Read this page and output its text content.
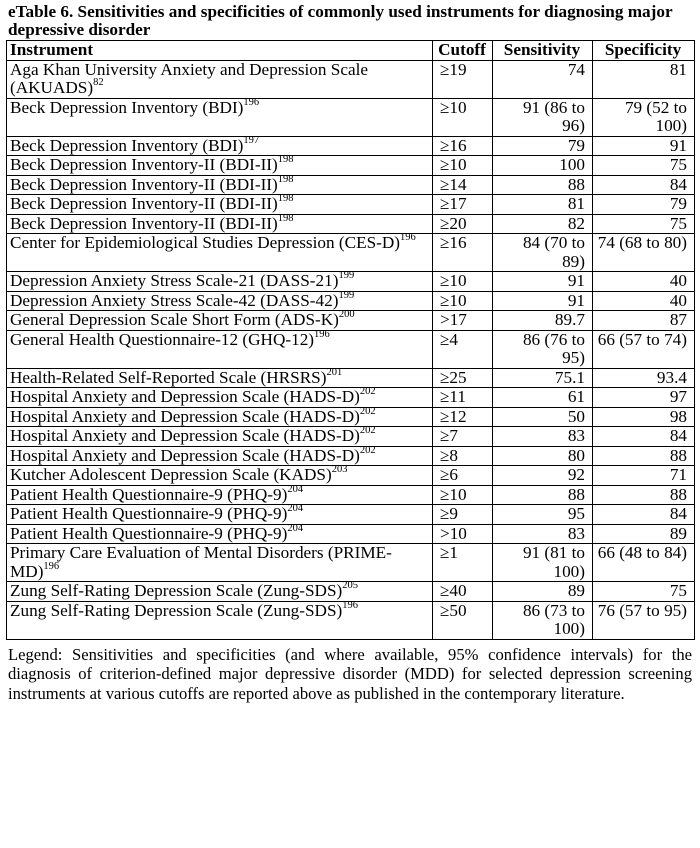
eTable 6. Sensitivities and specificities of commonly used instruments for diagnosing major depressive disorder
Instrument	Cutoff	Sensitivity	Specificity
Aga Khan University Anxiety and Depression Scale (AKUADS)$^{82}$	≥19	74	81
Beck Depression Inventory (BDI)$^{196}$	≥10	91 (86 to 96)	79 (52 to 100)
Beck Depression Inventory (BDI)$^{197}$	≥16	79	91
Beck Depression Inventory-II $(BDI-II)^{198}$	≥10	100	75
Beck Depression Inventory-II $(BDI-II)^{198}$	≥14	88	84
Beck Depression Inventory-II $(BDI-II)^{198}$	≥17	81	79
Beck Depression Inventory-II $(BDI-II)^{198}$	≥20	82	75
Center for Epidemiological Studies Depression $(CES-D)^{196}$	≥16	84 (70 to 89)	74 (68 to 80)
Depression Anxiety Stress Scale-21 (DASS-21)$^{199}$	≥10	91	40
Depression Anxiety Stress Scale-42 (DASS-42)$^{199}$	≥10	91	40
General Depression Scale Short Form $(ADS-K)^{200}$	>17	89.7	87
General Health Questionnaire-12 $(GHQ-12)^{196}$	≥4	86 (76 to 95)	66 (57 to 74)
Health-Related Self-Reported Scale (HRSRS)$^{201}$	≥25	75.1	93.4
Hospital Anxiety and Depression Scale (HADS-D)$^{202}$	≥11	61	97
Hospital Anxiety and Depression Scale (HADS-D)$^{202}$	≥12	50	98
Hospital Anxiety and Depression Scale (HADS-D)$^{202}$	≥7	83	84
Hospital Anxiety and Depression Scale (HADS-D)$^{202}$	≥8	80	88
Kutcher Adolescent Depression Scale (KADS)$^{203}$	≥6	92	71
Patient Health Questionnaire-9 $(PHQ-9)^{204}$	≥10	88	88
Patient Health Questionnaire-9 $(PHQ-9)^{204}$	≥9	95	84
Patient Health Questionnaire-9 $(PHQ-9)^{204}$	>10	83	89
Primary Care Evaluation of Mental Disorders (PRIME-MD)$^{196}$	≥1	91 (81 to 100)	66 (48 to 84)
Zung Self-Rating Depression Scale (Zung-SDS)$^{205}$	≥40	89	75
Zung Self-Rating Depression Scale (Zung-SDS)$^{196}$	≥50	86 (73 to 100)	76 (57 to 95)
Legend: Sensitivities and specificities (and where available, 95% confidence intervals) for the diagnosis of criterion-defined major depressive disorder (MDD) for selected depression screening instruments at various cutoffs are reported above as published in the contemporary literature.
